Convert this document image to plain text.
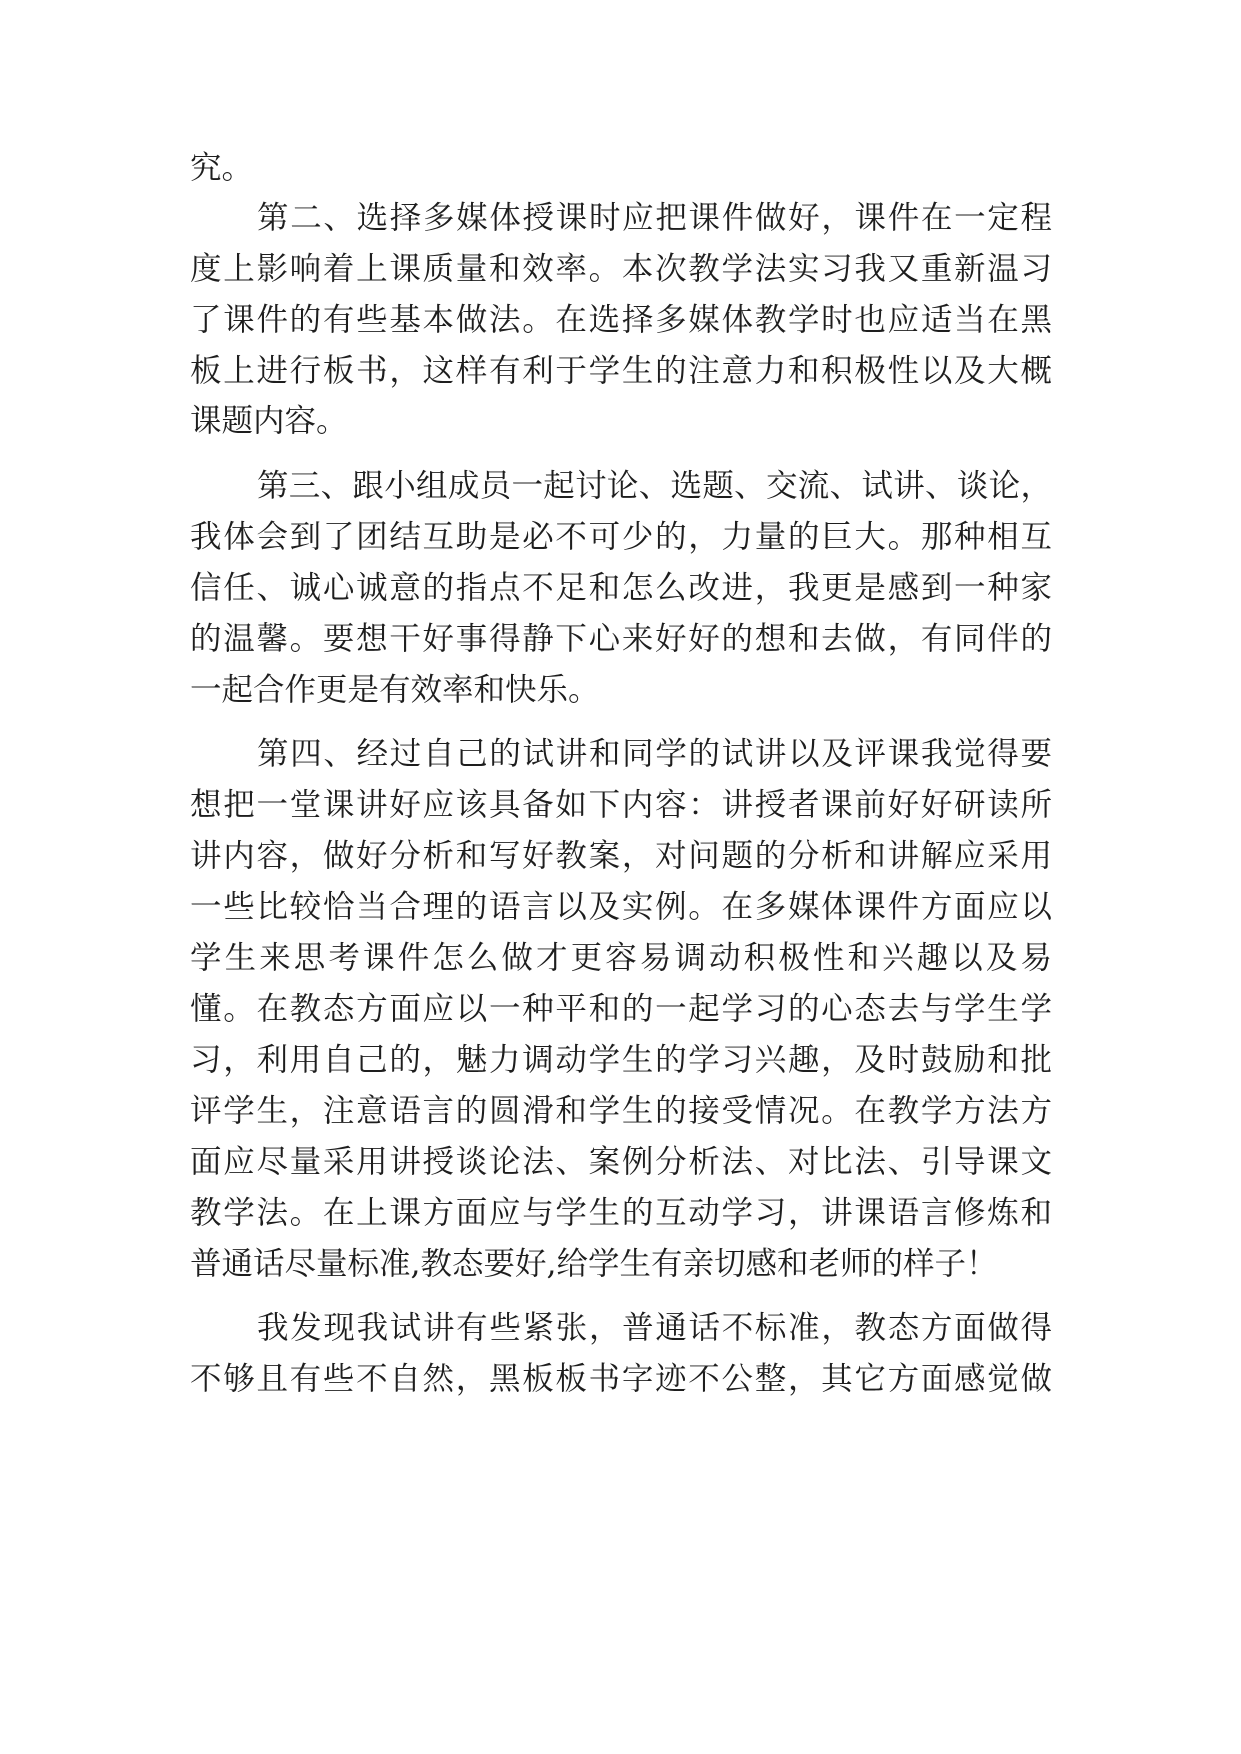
究。
第二、选择多媒体授课时应把课件做好，课件在一定程
度上影响着上课质量和效率。本次教学法实习我又重新温习
了课件的有些基本做法。在选择多媒体教学时也应适当在黑
板上进行板书，这样有利于学生的注意力和积极性以及大概
课题内容。
第三、跟小组成员一起讨论、选题、交流、试讲、谈论，
我体会到了团结互助是必不可少的，力量的巨大。那种相互
信任、诚心诚意的指点不足和怎么改进，我更是感到一种家
的温馨。要想干好事得静下心来好好的想和去做，有同伴的
一起合作更是有效率和快乐。
第四、经过自己的试讲和同学的试讲以及评课我觉得要
想把一堂课讲好应该具备如下内容：讲授者课前好好研读所
讲内容，做好分析和写好教案，对问题的分析和讲解应采用
一些比较恰当合理的语言以及实例。在多媒体课件方面应以
学生来思考课件怎么做才更容易调动积极性和兴趣以及易
懂。在教态方面应以一种平和的一起学习的心态去与学生学
习，利用自己的，魅力调动学生的学习兴趣，及时鼓励和批
评学生，注意语言的圆滑和学生的接受情况。在教学方法方
面应尽量采用讲授谈论法、案例分析法、对比法、引导课文
教学法。在上课方面应与学生的互动学习，讲课语言修炼和
普通话尽量标准,教态要好,给学生有亲切感和老师的样子！
我发现我试讲有些紧张，普通话不标准，教态方面做得
不够且有些不自然，黑板板书字迹不公整，其它方面感觉做
